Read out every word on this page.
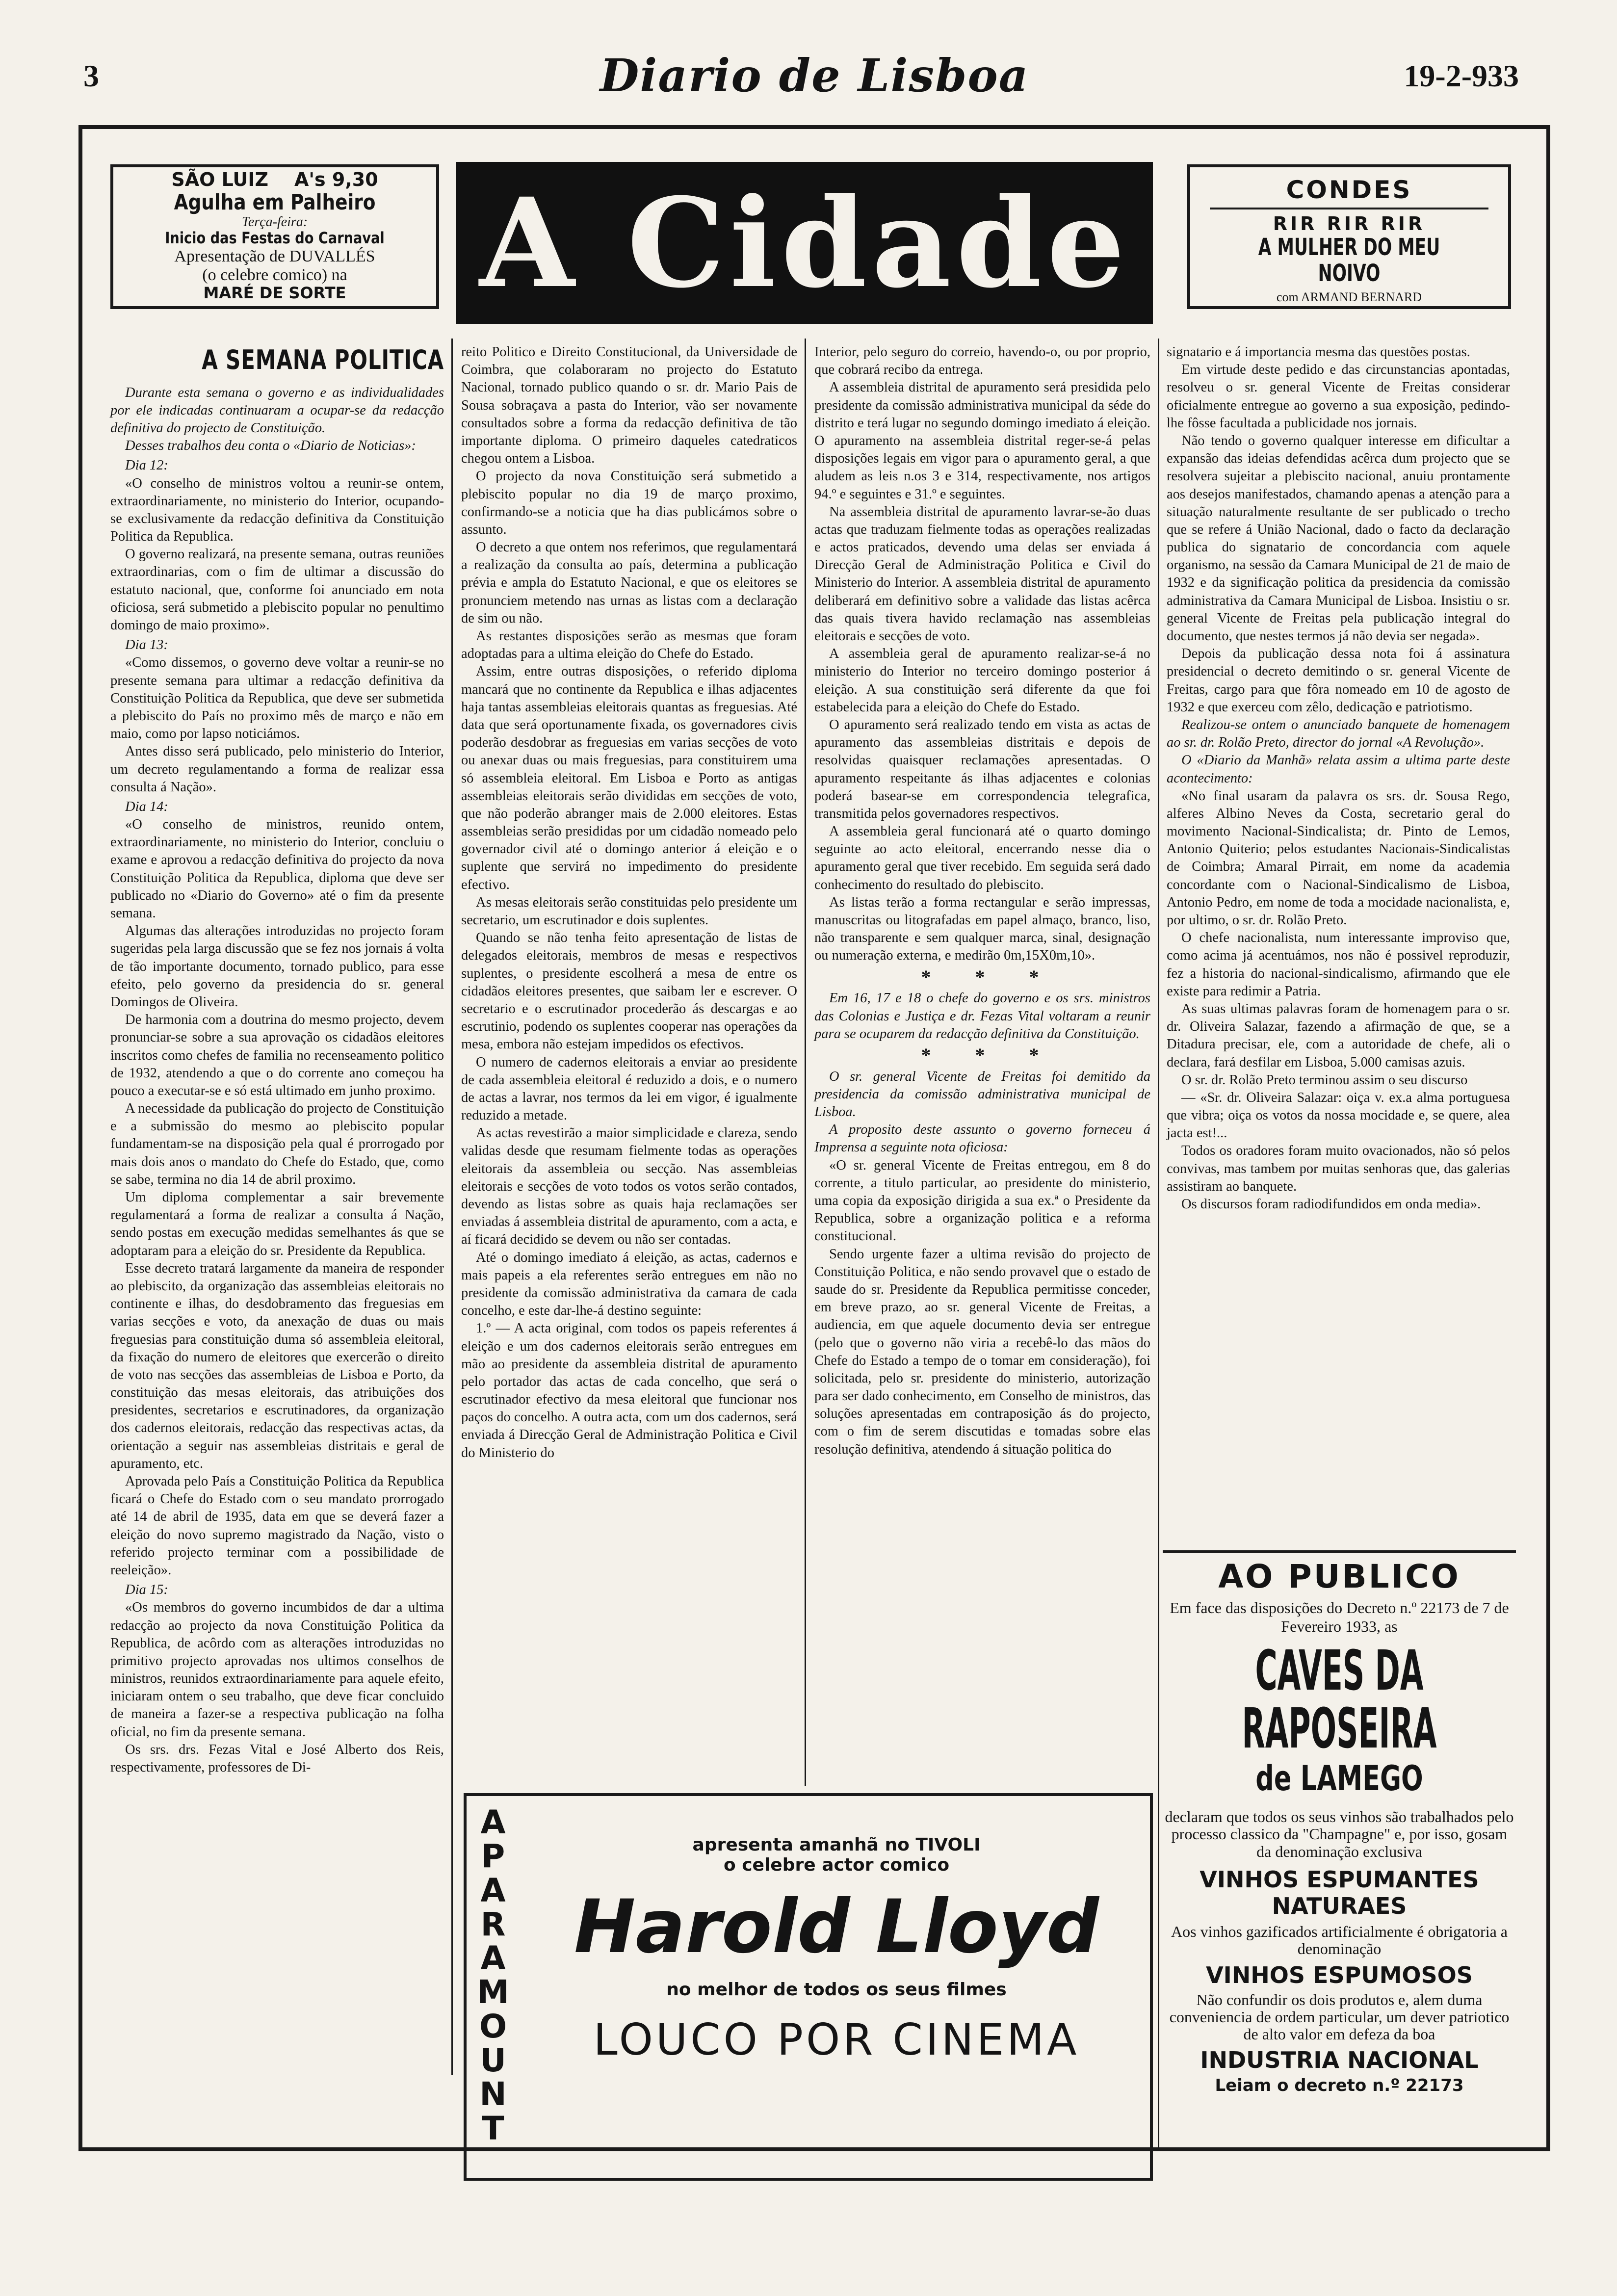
3	Diario de Lisboa	19-2-933
SÃO LUIZ A's 9,30
Agulha em Palheiro
Terça-feira:
Inicio das Festas do Carnaval
Apresentação de DUVALLÉS
(o celebre comico) na
MARÉ DE SORTE	A Cidade	CONDES
RIR RIR RIR
A MULHER DO MEU NOIVO
com ARMAND BERNARD
A SEMANA POLITICA

Durante esta semana o governo e as individualidades por ele indicadas continuaram a ocupar-se da redacção definitiva do projecto de Constituição.

Desses trabalhos deu conta o «Diario de Noticias»:

Dia 12:

«O conselho de ministros voltou a reunir-se ontem, extraordinariamente, no ministerio do Interior, ocupando-se exclusivamente da redacção definitiva da Constituição Politica da Republica.

O governo realizará, na presente semana, outras reuniões extraordinarias, com o fim de ultimar a discussão do estatuto nacional, que, conforme foi anunciado em nota oficiosa, será submetido a plebiscito popular no penultimo domingo de maio proximo».

Dia 13:

«Como dissemos, o governo deve voltar a reunir-se no presente semana para ultimar a redacção definitiva da Constituição Politica da Republica, que deve ser submetida a plebiscito do País no proximo mês de março e não em maio, como por lapso noticiámos.

Antes disso será publicado, pelo ministerio do Interior, um decreto regulamentando a forma de realizar essa consulta á Nação».

Dia 14:

«O conselho de ministros, reunido ontem, extraordinariamente, no ministerio do Interior, concluiu o exame e aprovou a redacção definitiva do projecto da nova Constituição Politica da Republica, diploma que deve ser publicado no «Diario do Governo» até o fim da presente semana.

Algumas das alterações introduzidas no projecto foram sugeridas pela larga discussão que se fez nos jornais á volta de tão importante documento, tornado publico, para esse efeito, pelo governo da presidencia do sr. general Domingos de Oliveira.

De harmonia com a doutrina do mesmo projecto, devem pronunciar-se sobre a sua aprovação os cidadãos eleitores inscritos como chefes de familia no recenseamento politico de 1932, atendendo a que o do corrente ano começou ha pouco a executar-se e só está ultimado em junho proximo.

A necessidade da publicação do projecto de Constituição e a submissão do mesmo ao plebiscito popular fundamentam-se na disposição pela qual é prorrogado por mais dois anos o mandato do Chefe do Estado, que, como se sabe, termina no dia 14 de abril proximo.

Um diploma complementar a sair brevemente regulamentará a forma de realizar a consulta á Nação, sendo postas em execução medidas semelhantes ás que se adoptaram para a eleição do sr. Presidente da Republica.

Esse decreto tratará largamente da maneira de responder ao plebiscito, da organização das assembleias eleitorais no continente e ilhas, do desdobramento das freguesias em varias secções e voto, da anexação de duas ou mais freguesias para constituição duma só assembleia eleitoral, da fixação do numero de eleitores que exercerão o direito de voto nas secções das assembleias de Lisboa e Porto, da constituição das mesas eleitorais, das atribuições dos presidentes, secretarios e escrutinadores, da organização dos cadernos eleitorais, redacção das respectivas actas, da orientação a seguir nas assembleias distritais e geral de apuramento, etc.

Aprovada pelo País a Constituição Politica da Republica ficará o Chefe do Estado com o seu mandato prorrogado até 14 de abril de 1935, data em que se deverá fazer a eleição do novo supremo magistrado da Nação, visto o referido projecto terminar com a possibilidade de reeleição».

Dia 15:

«Os membros do governo incumbidos de dar a ultima redacção ao projecto da nova Constituição Politica da Republica, de acôrdo com as alterações introduzidas no primitivo projecto aprovadas nos ultimos conselhos de ministros, reunidos extraordinariamente para aquele efeito, iniciaram ontem o seu trabalho, que deve ficar concluido de maneira a fazer-se a respectiva publicação na folha oficial, no fim da presente semana.

Os srs. drs. Fezas Vital e José Alberto dos Reis, respectivamente, professores de Di-

reito Politico e Direito Constitucional, da Universidade de Coimbra, que colaboraram no projecto do Estatuto Nacional, tornado publico quando o sr. dr. Mario Pais de Sousa sobraçava a pasta do Interior, vão ser novamente consultados sobre a forma da redacção definitiva de tão importante diploma. O primeiro daqueles catedraticos chegou ontem a Lisboa.

O projecto da nova Constituição será submetido a plebiscito popular no dia 19 de março proximo, confirmando-se a noticia que ha dias publicámos sobre o assunto.

O decreto a que ontem nos referimos, que regulamentará a realização da consulta ao país, determina a publicação prévia e ampla do Estatuto Nacional, e que os eleitores se pronunciem metendo nas urnas as listas com a declaração de sim ou não.

As restantes disposições serão as mesmas que foram adoptadas para a ultima eleição do Chefe do Estado.

Assim, entre outras disposições, o referido diploma mancará que no continente da Republica e ilhas adjacentes haja tantas assembleias eleitorais quantas as freguesias. Até data que será oportunamente fixada, os governadores civis poderão desdobrar as freguesias em varias secções de voto ou anexar duas ou mais freguesias, para constituirem uma só assembleia eleitoral. Em Lisboa e Porto as antigas assembleias eleitorais serão divididas em secções de voto, que não poderão abranger mais de 2.000 eleitores. Estas assembleias serão presididas por um cidadão nomeado pelo governador civil até o domingo anterior á eleição e o suplente que servirá no impedimento do presidente efectivo.

As mesas eleitorais serão constituidas pelo presidente um secretario, um escrutinador e dois suplentes.

Quando se não tenha feito apresentação de listas de delegados eleitorais, membros de mesas e respectivos suplentes, o presidente escolherá a mesa de entre os cidadãos eleitores presentes, que saibam ler e escrever. O secretario e o escrutinador procederão ás descargas e ao escrutinio, podendo os suplentes cooperar nas operações da mesa, embora não estejam impedidos os efectivos.

O numero de cadernos eleitorais a enviar ao presidente de cada assembleia eleitoral é reduzido a dois, e o numero de actas a lavrar, nos termos da lei em vigor, é igualmente reduzido a metade.

As actas revestirão a maior simplicidade e clareza, sendo validas desde que resumam fielmente todas as operações eleitorais da assembleia ou secção. Nas assembleias eleitorais e secções de voto todos os votos serão contados, devendo as listas sobre as quais haja reclamações ser enviadas á assembleia distrital de apuramento, com a acta, e aí ficará decidido se devem ou não ser contadas.

Até o domingo imediato á eleição, as actas, cadernos e mais papeis a ela referentes serão entregues em não no presidente da comissão administrativa da camara de cada concelho, e este dar-lhe-á destino seguinte:

1.º — A acta original, com todos os papeis referentes á eleição e um dos cadernos eleitorais serão entregues em mão ao presidente da assembleia distrital de apuramento pelo portador das actas de cada concelho, que será o escrutinador efectivo da mesa eleitoral que funcionar nos paços do concelho. A outra acta, com um dos cadernos, será enviada á Direcção Geral de Administração Politica e Civil do Ministerio do

Interior, pelo seguro do correio, havendo-o, ou por proprio, que cobrará recibo da entrega.

A assembleia distrital de apuramento será presidida pelo presidente da comissão administrativa municipal da séde do distrito e terá lugar no segundo domingo imediato á eleição. O apuramento na assembleia distrital reger-se-á pelas disposições legais em vigor para o apuramento geral, a que aludem as leis n.os 3 e 314, respectivamente, nos artigos 94.º e seguintes e 31.º e seguintes.

Na assembleia distrital de apuramento lavrar-se-ão duas actas que traduzam fielmente todas as operações realizadas e actos praticados, devendo uma delas ser enviada á Direcção Geral de Administração Politica e Civil do Ministerio do Interior. A assembleia distrital de apuramento deliberará em definitivo sobre a validade das listas acêrca das quais tivera havido reclamação nas assembleias eleitorais e secções de voto.

A assembleia geral de apuramento realizar-se-á no ministerio do Interior no terceiro domingo posterior á eleição. A sua constituição será diferente da que foi estabelecida para a eleição do Chefe do Estado.

O apuramento será realizado tendo em vista as actas de apuramento das assembleias distritais e depois de resolvidas quaisquer reclamações apresentadas. O apuramento respeitante ás ilhas adjacentes e colonias poderá basear-se em correspondencia telegrafica, transmitida pelos governadores respectivos.

A assembleia geral funcionará até o quarto domingo seguinte ao acto eleitoral, encerrando nesse dia o apuramento geral que tiver recebido. Em seguida será dado conhecimento do resultado do plebiscito.

As listas terão a forma rectangular e serão impressas, manuscritas ou litografadas em papel almaço, branco, liso, não transparente e sem qualquer marca, sinal, designação ou numeração externa, e medirão 0m,15X0m,10».

* * *

Em 16, 17 e 18 o chefe do governo e os srs. ministros das Colonias e Justiça e dr. Fezas Vital voltaram a reunir para se ocuparem da redacção definitiva da Constituição.

* * *

O sr. general Vicente de Freitas foi demitido da presidencia da comissão administrativa municipal de Lisboa.

A proposito deste assunto o governo forneceu á Imprensa a seguinte nota oficiosa:

«O sr. general Vicente de Freitas entregou, em 8 do corrente, a titulo particular, ao presidente do ministerio, uma copia da exposição dirigida a sua ex.ª o Presidente da Republica, sobre a organização politica e a reforma constitucional.

Sendo urgente fazer a ultima revisão do projecto de Constituição Politica, e não sendo provavel que o estado de saude do sr. Presidente da Republica permitisse conceder, em breve prazo, ao sr. general Vicente de Freitas, a audiencia, em que aquele documento devia ser entregue (pelo que o governo não viria a recebê-lo das mãos do Chefe do Estado a tempo de o tomar em consideração), foi solicitada, pelo sr. presidente do ministerio, autorização para ser dado conhecimento, em Conselho de ministros, das soluções apresentadas em contraposição ás do projecto, com o fim de serem discutidas e tomadas sobre elas resolução definitiva, atendendo á situação politica do

signatario e á importancia mesma das questões postas.

Em virtude deste pedido e das circunstancias apontadas, resolveu o sr. general Vicente de Freitas considerar oficialmente entregue ao governo a sua exposição, pedindo-lhe fôsse facultada a publicidade nos jornais.

Não tendo o governo qualquer interesse em dificultar a expansão das ideias defendidas acêrca dum projecto que se resolvera sujeitar a plebiscito nacional, anuiu prontamente aos desejos manifestados, chamando apenas a atenção para a situação naturalmente resultante de ser publicado o trecho que se refere á União Nacional, dado o facto da declaração publica do signatario de concordancia com aquele organismo, na sessão da Camara Municipal de 21 de maio de 1932 e da significação politica da presidencia da comissão administrativa da Camara Municipal de Lisboa. Insistiu o sr. general Vicente de Freitas pela publicação integral do documento, que nestes termos já não devia ser negada».

Depois da publicação dessa nota foi á assinatura presidencial o decreto demitindo o sr. general Vicente de Freitas, cargo para que fôra nomeado em 10 de agosto de 1932 e que exerceu com zêlo, dedicação e patriotismo.

Realizou-se ontem o anunciado banquete de homenagem ao sr. dr. Rolão Preto, director do jornal «A Revolução».

O «Diario da Manhã» relata assim a ultima parte deste acontecimento:

«No final usaram da palavra os srs. dr. Sousa Rego, alferes Albino Neves da Costa, secretario geral do movimento Nacional-Sindicalista; dr. Pinto de Lemos, Antonio Quiterio; pelos estudantes Nacionais-Sindicalistas de Coimbra; Amaral Pirrait, em nome da academia concordante com o Nacional-Sindicalismo de Lisboa, Antonio Pedro, em nome de toda a mocidade nacionalista, e, por ultimo, o sr. dr. Rolão Preto.

O chefe nacionalista, num interessante improviso que, como acima já acentuámos, nos não é possivel reproduzir, fez a historia do nacional-sindicalismo, afirmando que ele existe para redimir a Patria.

As suas ultimas palavras foram de homenagem para o sr. dr. Oliveira Salazar, fazendo a afirmação de que, se a Ditadura precisar, ele, com a autoridade de chefe, ali o declara, fará desfilar em Lisboa, 5.000 camisas azuis.

O sr. dr. Rolão Preto terminou assim o seu discurso

— «Sr. dr. Oliveira Salazar: oiça v. ex.a alma portuguesa que vibra; oiça os votos da nossa mocidade e, se quere, alea jacta est!...

Todos os oradores foram muito ovacionados, não só pelos convivas, mas tambem por muitas senhoras que, das galerias assistiram ao banquete.

Os discursos foram radiodifundidos em onda media».

A
P
A
R
A
M
O
U
N
T
apresenta amanhã no TIVOLI
o celebre actor comico
Harold Lloyd
no melhor de todos os seus filmes
LOUCO POR CINEMA
AO PUBLICO
Em face das disposições do Decreto n.º 22173 de 7 de Fevereiro 1933, as
CAVES DA RAPOSEIRA
de LAMEGO
declaram que todos os seus vinhos são trabalhados pelo processo classico da "Champagne" e, por isso, gosam da denominação exclusiva
VINHOS ESPUMANTES NATURAES
Aos vinhos gazificados artificialmente é obrigatoria a denominação
VINHOS ESPUMOSOS
Não confundir os dois produtos e, alem duma conveniencia de ordem particular, um dever patriotico de alto valor em defeza da boa
INDUSTRIA NACIONAL
Leiam o decreto n.º 22173
